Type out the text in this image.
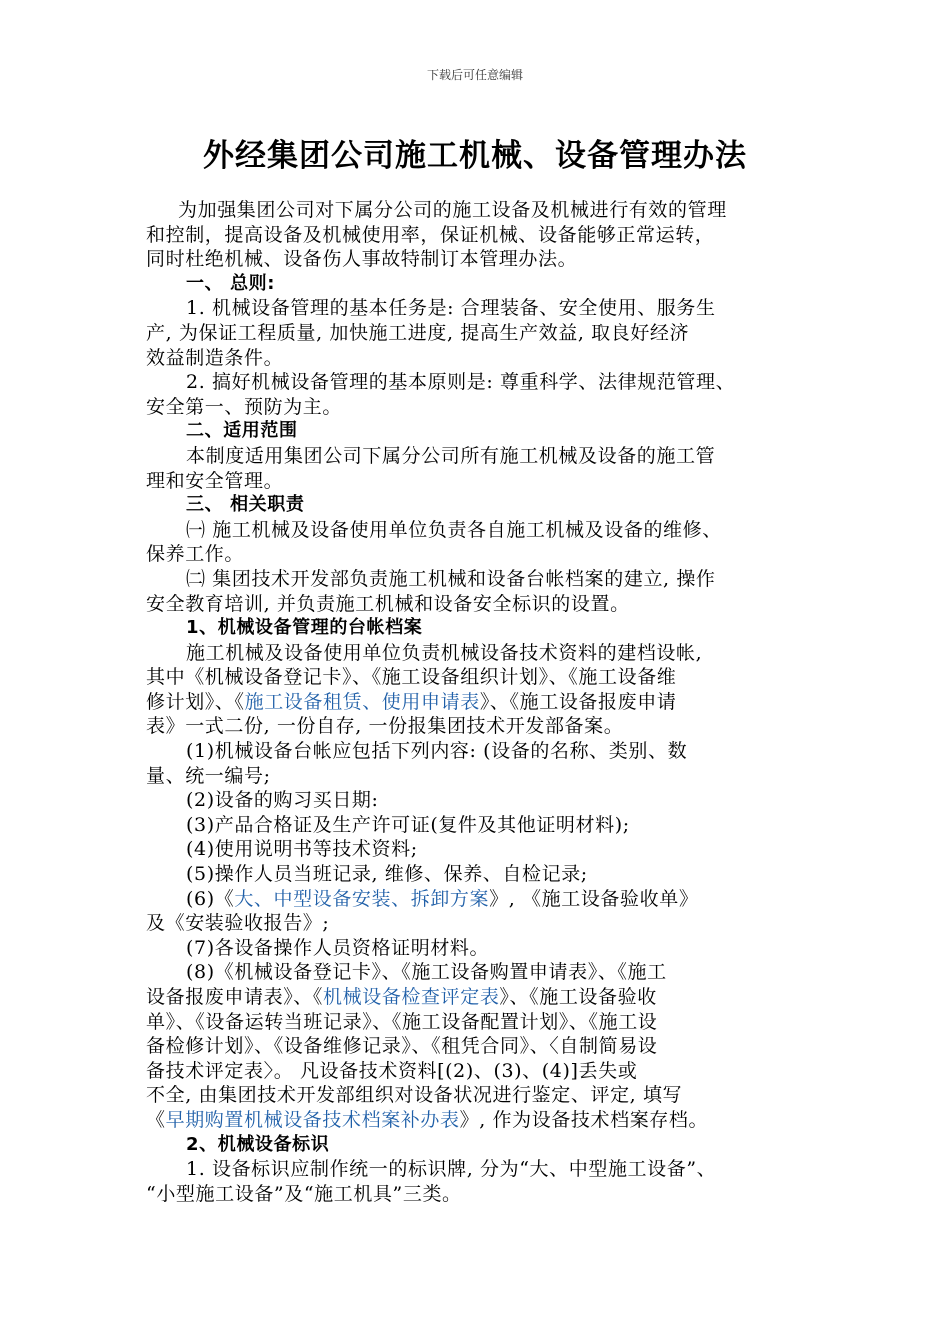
下载后可任意编辑
外经集团公司施工机械、设备管理办法
为加强集团公司对下属分公司的施工设备及机械进行有效的管理
和控制，提高设备及机械使用率，保证机械、设备能够正常运转，
同时杜绝机械、设备伤人事故特制订本管理办法。
一、 总则:
1. 机械设备管理的基本任务是: 合理装备、安全使用、服务生
产, 为保证工程质量, 加快施工进度, 提高生产效益, 取良好经济
效益制造条件。
2. 搞好机械设备管理的基本原则是: 尊重科学、法律规范管理、
安全第一、预防为主。
二、适用范围
本制度适用集团公司下属分公司所有施工机械及设备的施工管
理和安全管理。
三、 相关职责
㈠ 施工机械及设备使用单位负责各自施工机械及设备的维修、
保养工作。
㈡ 集团技术开发部负责施工机械和设备台帐档案的建立, 操作
安全教育培训, 并负责施工机械和设备安全标识的设置。
1、机械设备管理的台帐档案
施工机械及设备使用单位负责机械设备技术资料的建档设帐,
其中《机械设备登记卡》、《施工设备组织计划》、《施工设备维
修计划》、《施工设备租赁、使用申请表》、《施工设备报废申请
表》一式二份, 一份自存, 一份报集团技术开发部备案。
(1)机械设备台帐应包括下列内容: (设备的名称、类别、数
量、统一编号;
(2)设备的购习买日期:
(3)产品合格证及生产许可证(复件及其他证明材料);
(4)使用说明书等技术资料;
(5)操作人员当班记录, 维修、保养、自检记录;
(6)《大、中型设备安装、拆卸方案》, 《施工设备验收单》
及《安装验收报告》;
(7)各设备操作人员资格证明材料。
(8)《机械设备登记卡》、《施工设备购置申请表》、《施工
设备报废申请表》、《机械设备检查评定表》、《施工设备验收
单》、《设备运转当班记录》、《施工设备配置计划》、《施工设
备检修计划》、《设备维修记录》、《租凭合同》、〈自制简易设
备技术评定表〉。 凡设备技术资料[(2)、(3)、(4)]丢失或
不全, 由集团技术开发部组织对设备状况进行鉴定、评定, 填写
《早期购置机械设备技术档案补办表》, 作为设备技术档案存档。
2、机械设备标识
1. 设备标识应制作统一的标识牌, 分为“大、中型施工设备”、
“小型施工设备”及“施工机具”三类。
